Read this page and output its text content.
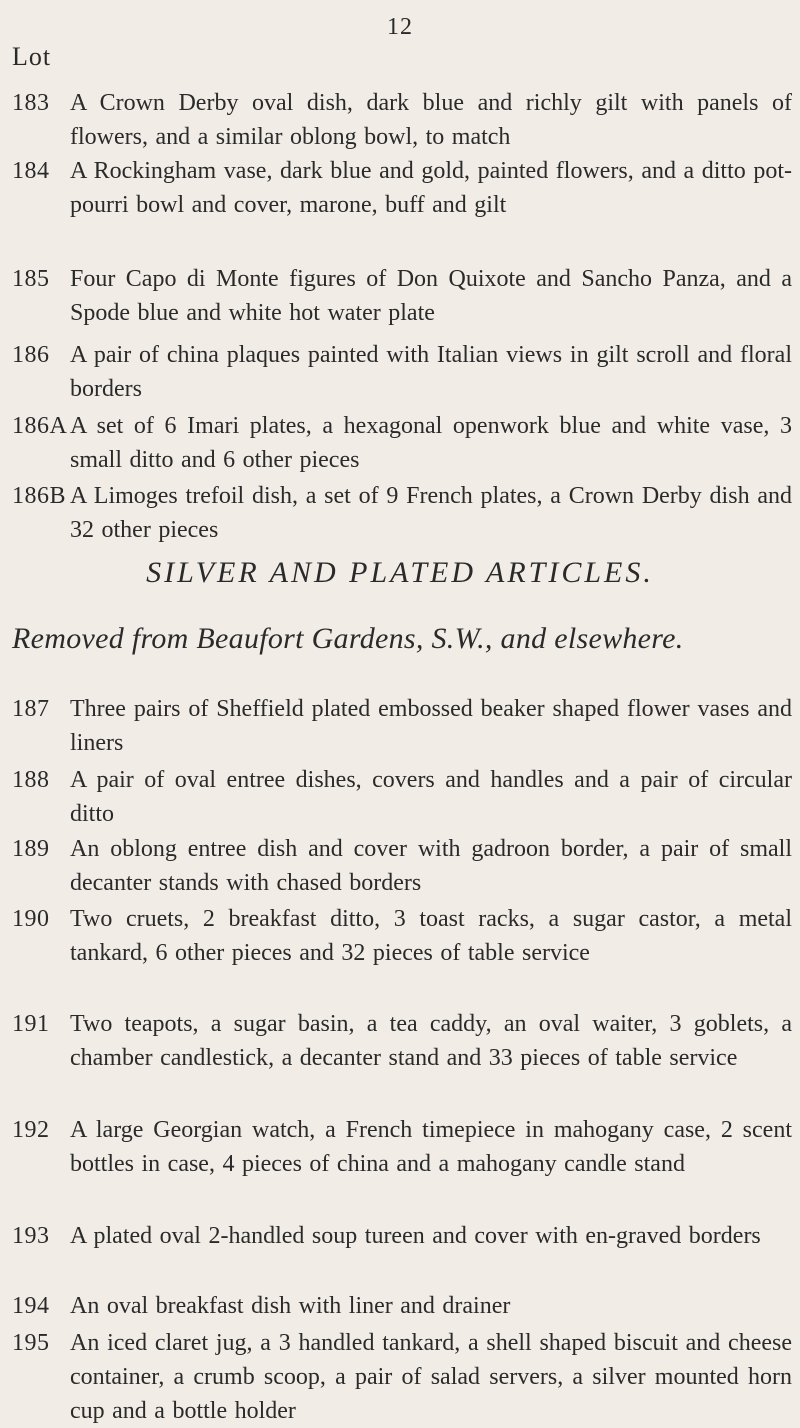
12
Lot
183 A Crown Derby oval dish, dark blue and richly gilt with panels of flowers, and a similar oblong bowl, to match
184 A Rockingham vase, dark blue and gold, painted flowers, and a ditto pot-pourri bowl and cover, marone, buff and gilt
185 Four Capo di Monte figures of Don Quixote and Sancho Panza, and a Spode blue and white hot water plate
186 A pair of china plaques painted with Italian views in gilt scroll and floral borders
186A A set of 6 Imari plates, a hexagonal openwork blue and white vase, 3 small ditto and 6 other pieces
186B A Limoges trefoil dish, a set of 9 French plates, a Crown Derby dish and 32 other pieces
SILVER AND PLATED ARTICLES.
Removed from Beaufort Gardens, S.W., and elsewhere.
187 Three pairs of Sheffield plated embossed beaker shaped flower vases and liners
188 A pair of oval entree dishes, covers and handles and a pair of circular ditto
189 An oblong entree dish and cover with gadroon border, a pair of small decanter stands with chased borders
190 Two cruets, 2 breakfast ditto, 3 toast racks, a sugar castor, a metal tankard, 6 other pieces and 32 pieces of table service
191 Two teapots, a sugar basin, a tea caddy, an oval waiter, 3 goblets, a chamber candlestick, a decanter stand and 33 pieces of table service
192 A large Georgian watch, a French timepiece in mahogany case, 2 scent bottles in case, 4 pieces of china and a mahogany candle stand
193 A plated oval 2-handled soup tureen and cover with en-graved borders
194 An oval breakfast dish with liner and drainer
195 An iced claret jug, a 3 handled tankard, a shell shaped biscuit and cheese container, a crumb scoop, a pair of salad servers, a silver mounted horn cup and a bottle holder
